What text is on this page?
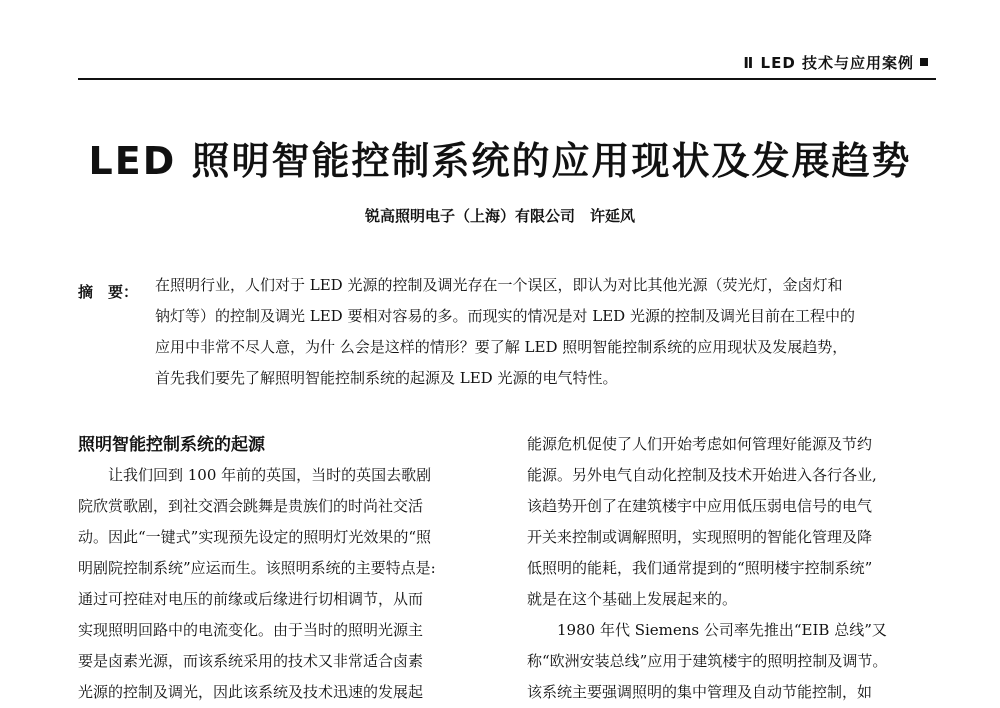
Ⅱ LED 技术与应用案例
LED 照明智能控制系统的应用现状及发展趋势
锐高照明电子（上海）有限公司　许延风
摘　要： 在照明行业，人们对于 LED 光源的控制及调光存在一个误区，即认为对比其他光源（荧光灯，金卤灯和
钠灯等）的控制及调光 LED 要相对容易的多。而现实的情况是对 LED 光源的控制及调光目前在工程中的
应用中非常不尽人意，为什 么会是这样的情形？要了解 LED 照明智能控制系统的应用现状及发展趋势，
首先我们要先了解照明智能控制系统的起源及 LED 光源的电气特性。
照明智能控制系统的起源
　　让我们回到 100 年前的英国，当时的英国去歌剧
院欣赏歌剧，到社交酒会跳舞是贵族们的时尚社交活
动。因此“一键式”实现预先设定的照明灯光效果的“照
明剧院控制系统”应运而生。该照明系统的主要特点是:
通过可控硅对电压的前缘或后缘进行切相调节，从而
实现照明回路中的电流变化。由于当时的照明光源主
要是卤素光源，而该系统采用的技术又非常适合卤素
光源的控制及调光，因此该系统及技术迅速的发展起
能源危机促使了人们开始考虑如何管理好能源及节约
能源。另外电气自动化控制及技术开始进入各行各业,
该趋势开创了在建筑楼宇中应用低压弱电信号的电气
开关来控制或调解照明，实现照明的智能化管理及降
低照明的能耗，我们通常提到的“照明楼宇控制系统”
就是在这个基础上发展起来的。
　　1980 年代 Siemens 公司率先推出“EIB 总线”又
称“欧洲安装总线”应用于建筑楼宇的照明控制及调节。
该系统主要强调照明的集中管理及自动节能控制，如
